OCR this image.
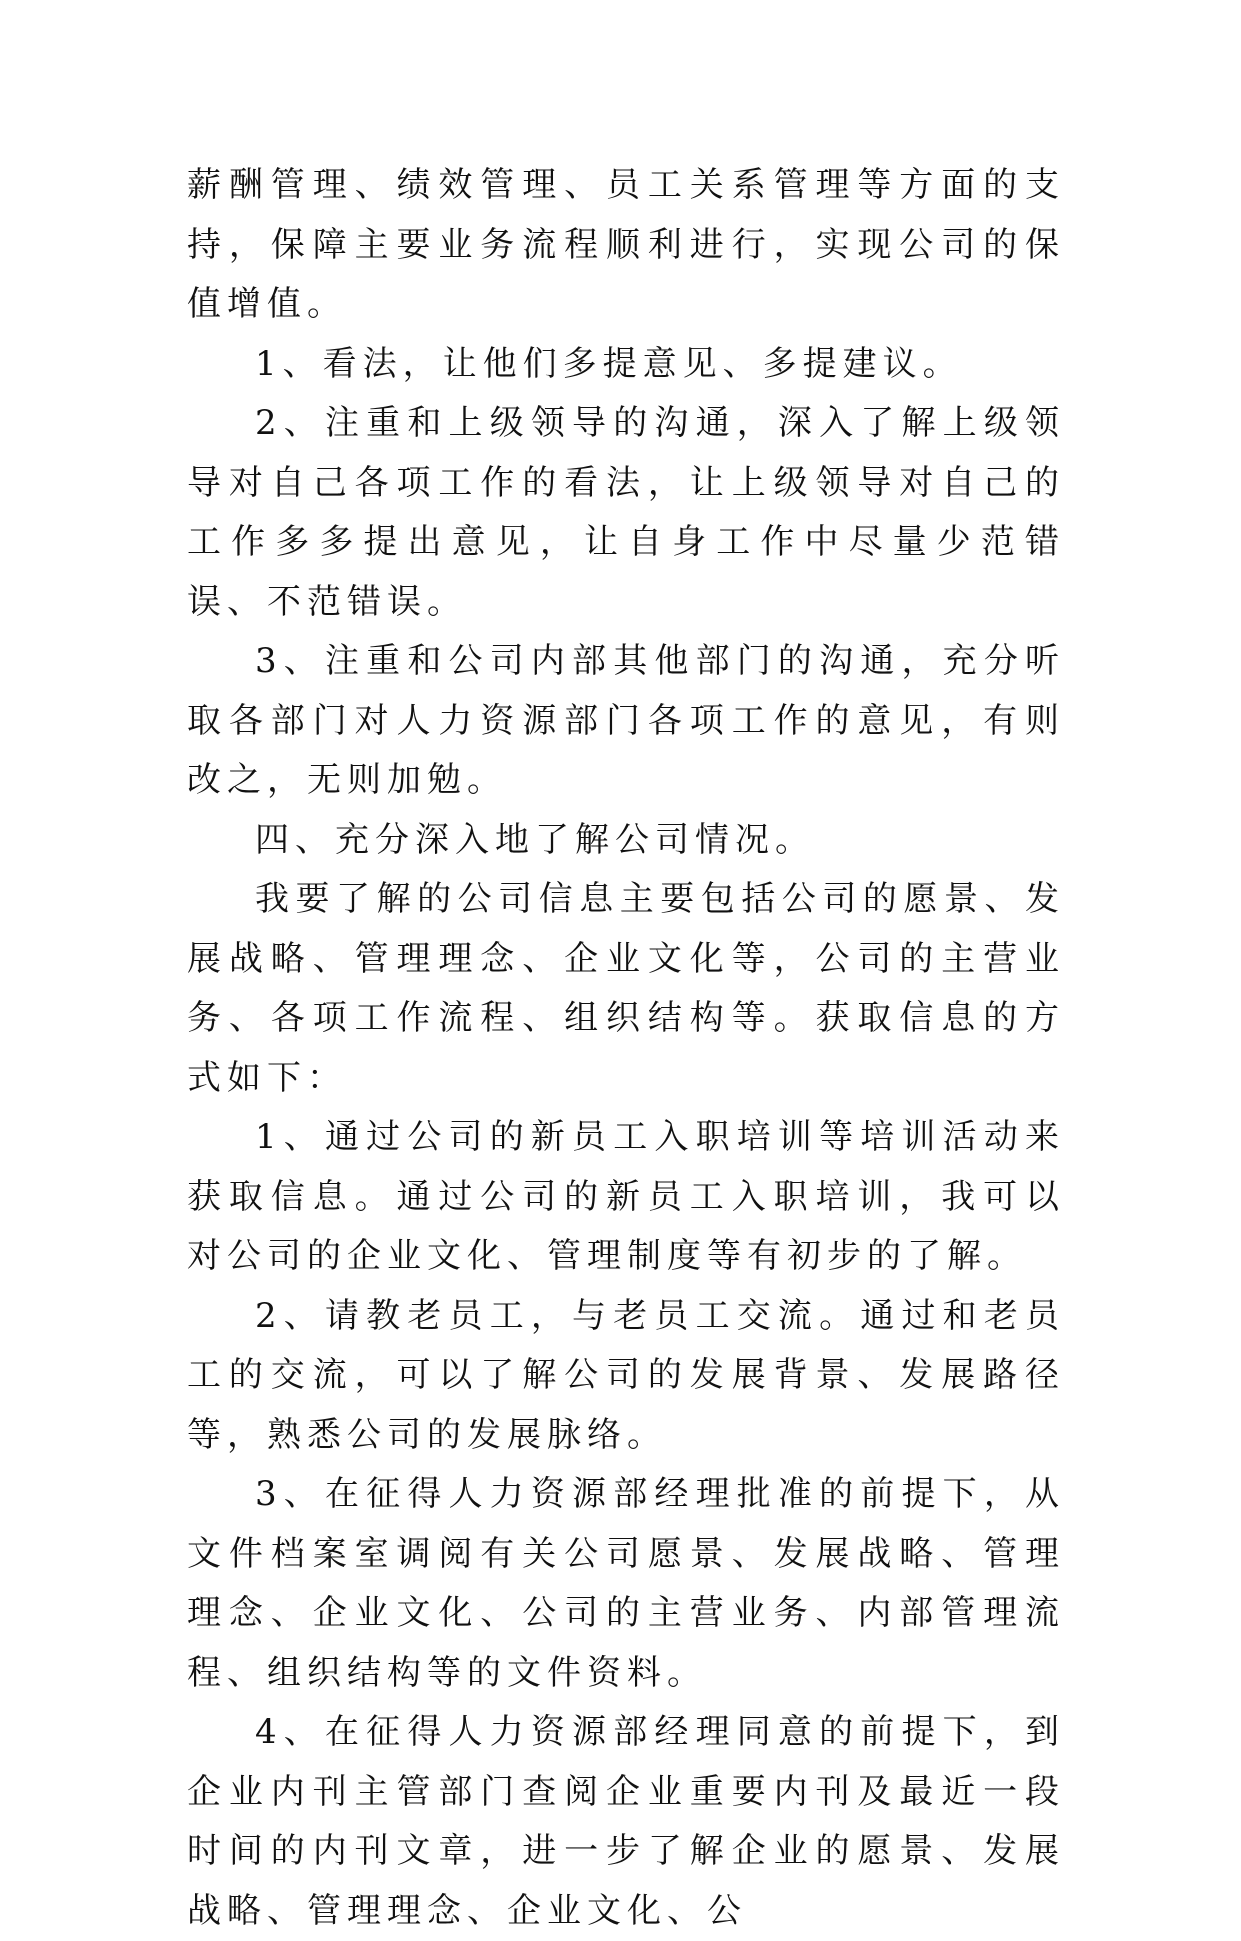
薪酬管理、绩效管理、员工关系管理等方面的支持，保障主要业务流程顺利进行，实现公司的保值增值。

1、看法，让他们多提意见、多提建议。

2、注重和上级领导的沟通，深入了解上级领导对自己各项工作的看法，让上级领导对自己的工作多多提出意见，让自身工作中尽量少范错误、不范错误。

3、注重和公司内部其他部门的沟通，充分听取各部门对人力资源部门各项工作的意见，有则改之，无则加勉。

四、充分深入地了解公司情况。

我要了解的公司信息主要包括公司的愿景、发展战略、管理理念、企业文化等，公司的主营业务、各项工作流程、组织结构等。获取信息的方式如下：

1、通过公司的新员工入职培训等培训活动来获取信息。通过公司的新员工入职培训，我可以对公司的企业文化、管理制度等有初步的了解。

2、请教老员工，与老员工交流。通过和老员工的交流，可以了解公司的发展背景、发展路径等，熟悉公司的发展脉络。

3、在征得人力资源部经理批准的前提下，从文件档案室调阅有关公司愿景、发展战略、管理理念、企业文化、公司的主营业务、内部管理流程、组织结构等的文件资料。

4、在征得人力资源部经理同意的前提下，到企业内刊主管部门查阅企业重要内刊及最近一段时间的内刊文章，进一步了解企业的愿景、发展战略、管理理念、企业文化、公
